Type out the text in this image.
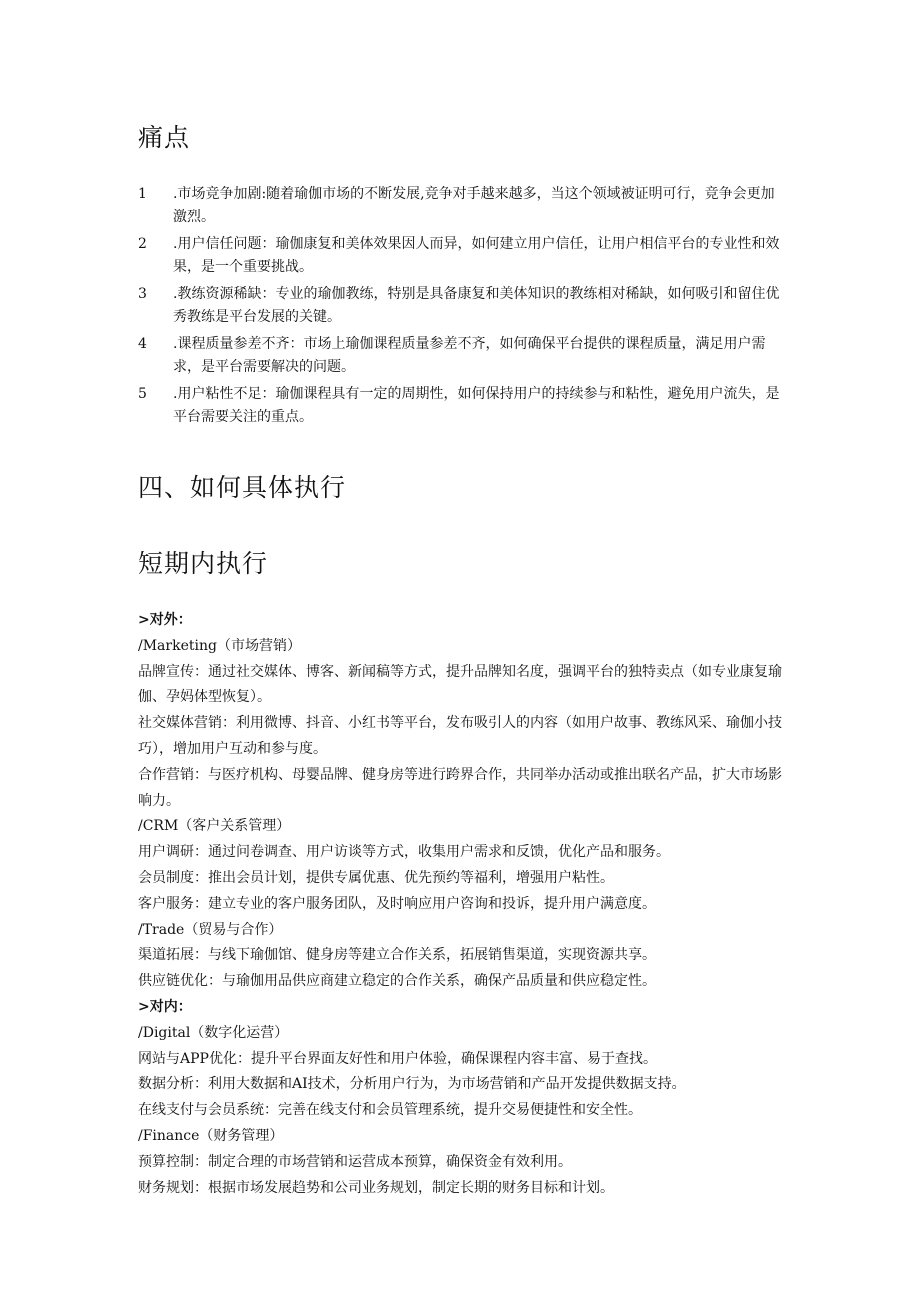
痛点
1	.市场竞争加剧:随着瑜伽市场的不断发展,竞争对手越来越多，当这个领域被证明可行，竞争会更加激烈。
2	.用户信任问题：瑜伽康复和美体效果因人而异，如何建立用户信任，让用户相信平台的专业性和效果，是一个重要挑战。
3	.教练资源稀缺：专业的瑜伽教练，特别是具备康复和美体知识的教练相对稀缺，如何吸引和留住优秀教练是平台发展的关键。
4	.课程质量参差不齐：市场上瑜伽课程质量参差不齐，如何确保平台提供的课程质量，满足用户需求，是平台需要解决的问题。
5	.用户粘性不足：瑜伽课程具有一定的周期性，如何保持用户的持续参与和粘性，避免用户流失，是平台需要关注的重点。
四、如何具体执行
短期内执行
>对外：
/Marketing（市场营销）
品牌宣传：通过社交媒体、博客、新闻稿等方式，提升品牌知名度，强调平台的独特卖点（如专业康复瑜伽、孕妈体型恢复）。
社交媒体营销：利用微博、抖音、小红书等平台，发布吸引人的内容（如用户故事、教练风采、瑜伽小技巧），增加用户互动和参与度。
合作营销：与医疗机构、母婴品牌、健身房等进行跨界合作，共同举办活动或推出联名产品，扩大市场影响力。
/CRM（客户关系管理）
用户调研：通过问卷调查、用户访谈等方式，收集用户需求和反馈，优化产品和服务。
会员制度：推出会员计划，提供专属优惠、优先预约等福利，增强用户粘性。
客户服务：建立专业的客户服务团队，及时响应用户咨询和投诉，提升用户满意度。
/Trade（贸易与合作）
渠道拓展：与线下瑜伽馆、健身房等建立合作关系，拓展销售渠道，实现资源共享。
供应链优化：与瑜伽用品供应商建立稳定的合作关系，确保产品质量和供应稳定性。
>对内：
/Digital（数字化运营）
网站与APP优化：提升平台界面友好性和用户体验，确保课程内容丰富、易于查找。
数据分析：利用大数据和AI技术，分析用户行为，为市场营销和产品开发提供数据支持。
在线支付与会员系统：完善在线支付和会员管理系统，提升交易便捷性和安全性。
/Finance（财务管理）
预算控制：制定合理的市场营销和运营成本预算，确保资金有效利用。
财务规划：根据市场发展趋势和公司业务规划，制定长期的财务目标和计划。
